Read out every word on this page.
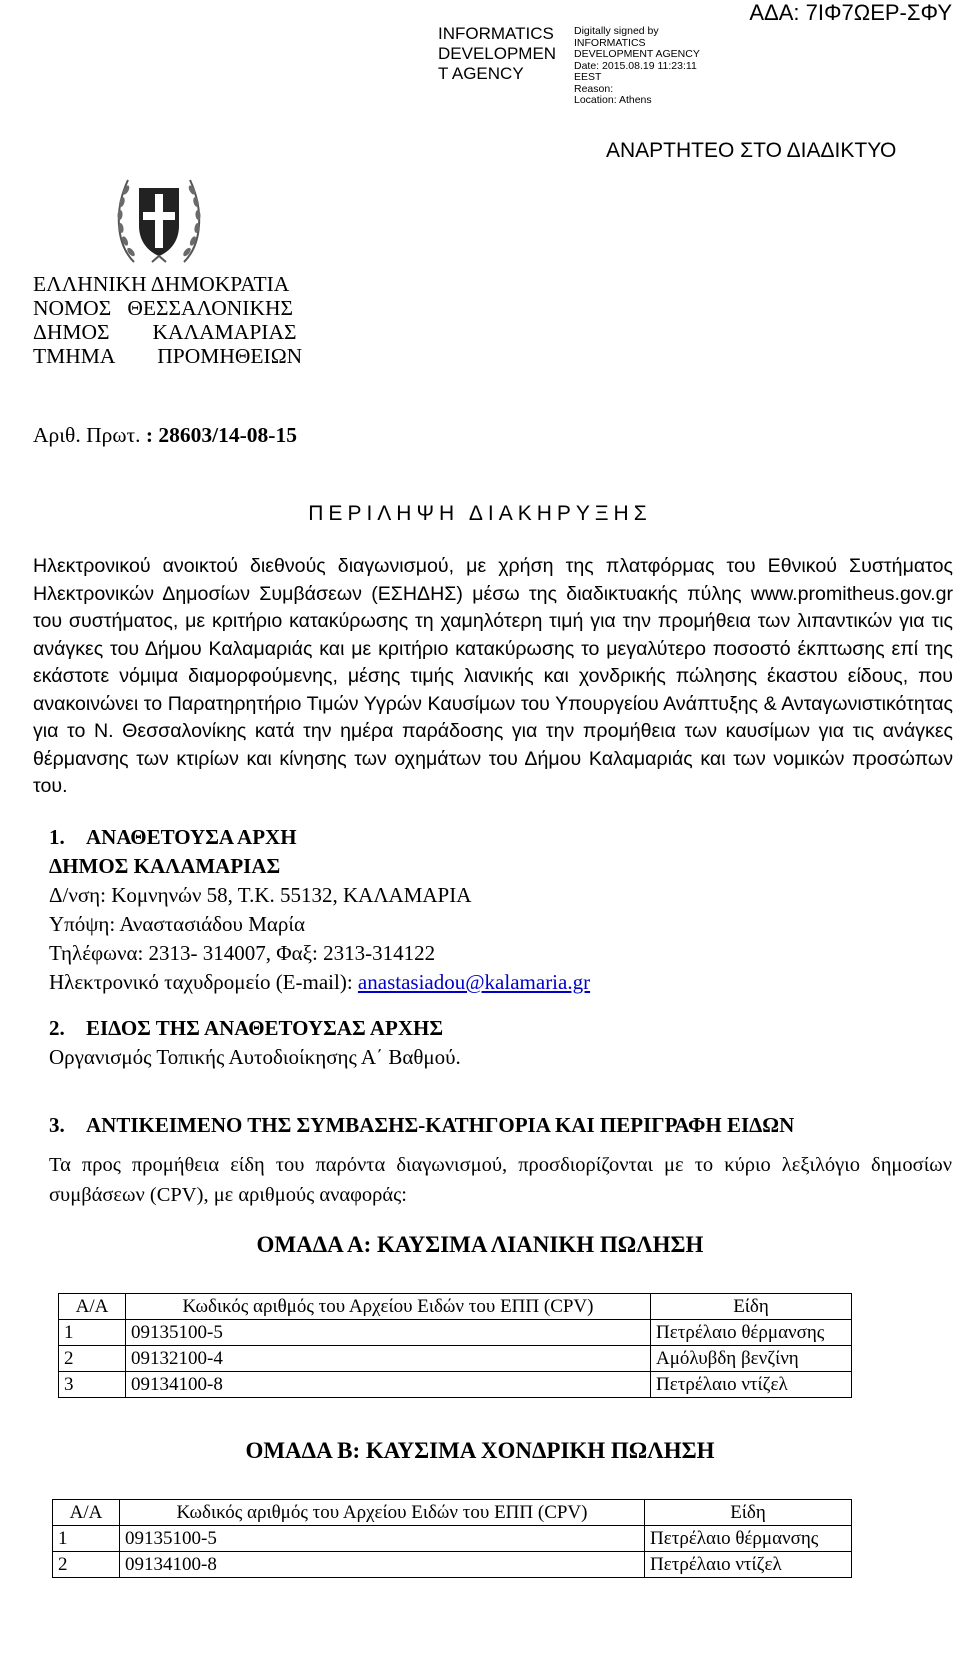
INFORMATICS
DEVELOPMEN
T AGENCY
Digitally signed by
INFORMATICS
DEVELOPMENT AGENCY
Date: 2015.08.19 11:23:11
EEST
Reason:
Location: Athens
ΑΔΑ: 7ΙΦ7ΩΕΡ-ΣΦΥ
ΑΝΑΡΤΗΤΕΟ ΣΤΟ ΔΙΑΔΙΚΤΥΟ
ΕΛΛΗΝΙΚΗ ΔΗΜΟΚΡΑΤΙΑ
ΝΟΜΟΣ   ΘΕΣΣΑΛΟΝΙΚΗΣ
ΔΗΜΟΣ        ΚΑΛΑΜΑΡΙΑΣ
ΤΜΗΜΑ        ΠΡΟΜΗΘΕΙΩΝ
Αριθ. Πρωτ. : 28603/14-08-15
ΠΕΡΙΛΗΨΗ ΔΙΑΚΗΡΥΞΗΣ
Ηλεκτρονικού ανοικτού διεθνούς διαγωνισμού, με χρήση της πλατφόρμας του Εθνικού Συστήματος Ηλεκτρονικών Δημοσίων Συμβάσεων (ΕΣΗΔΗΣ) μέσω της διαδικτυακής πύλης www.promitheus.gov.gr του συστήματος, με κριτήριο κατακύρωσης τη χαμηλότερη τιμή για την προμήθεια των λιπαντικών για τις ανάγκες του Δήμου Καλαμαριάς και με κριτήριο κατακύρωσης το μεγαλύτερο ποσοστό έκπτωσης επί της εκάστοτε νόμιμα διαμορφούμενης, μέσης τιμής λιανικής και χονδρικής πώλησης έκαστου είδους, που ανακοινώνει το Παρατηρητήριο Τιμών Υγρών Καυσίμων του Υπουργείου Ανάπτυξης & Ανταγωνιστικότητας για το Ν. Θεσσαλονίκης κατά την ημέρα παράδοσης για την προμήθεια των καυσίμων για τις ανάγκες θέρμανσης των κτιρίων και κίνησης των οχημάτων του Δήμου Καλαμαριάς και των νομικών προσώπων του.
1. ΑΝΑΘΕΤΟΥΣΑ ΑΡΧΗ
ΔΗΜΟΣ ΚΑΛΑΜΑΡΙΑΣ
Δ/νση: Κομνηνών 58, Τ.Κ. 55132, ΚΑΛΑΜΑΡΙΑ
Υπόψη: Αναστασιάδου Μαρία
Τηλέφωνα: 2313- 314007, Φαξ: 2313-314122
Ηλεκτρονικό ταχυδρομείο (E-mail): anastasiadou@kalamaria.gr
2. ΕΙΔΟΣ ΤΗΣ ΑΝΑΘΕΤΟΥΣΑΣ ΑΡΧΗΣ
Οργανισμός Τοπικής Αυτοδιοίκησης Α΄ Βαθμού.
3. ΑΝΤΙΚΕΙΜΕΝΟ ΤΗΣ ΣΥΜΒΑΣΗΣ-ΚΑΤΗΓΟΡΙΑ ΚΑΙ ΠΕΡΙΓΡΑΦΗ ΕΙΔΩΝ
Τα προς προμήθεια είδη του παρόντα διαγωνισμού, προσδιορίζονται με το κύριο λεξιλόγιο δημοσίων συμβάσεων (CPV), με αριθμούς αναφοράς:
ΟΜΑΔΑ Α: ΚΑΥΣΙΜΑ ΛΙΑΝΙΚΗ ΠΩΛΗΣΗ
Α/Α	Κωδικός αριθμός του Αρχείου Ειδών του ΕΠΠ (CPV)	Είδη
1	09135100-5	Πετρέλαιο θέρμανσης
2	09132100-4	Αμόλυβδη βενζίνη
3	09134100-8	Πετρέλαιο ντίζελ
ΟΜΑΔΑ Β: ΚΑΥΣΙΜΑ ΧΟΝΔΡΙΚΗ ΠΩΛΗΣΗ
Α/Α	Κωδικός αριθμός του Αρχείου Ειδών του ΕΠΠ (CPV)	Είδη
1	09135100-5	Πετρέλαιο θέρμανσης
2	09134100-8	Πετρέλαιο ντίζελ
